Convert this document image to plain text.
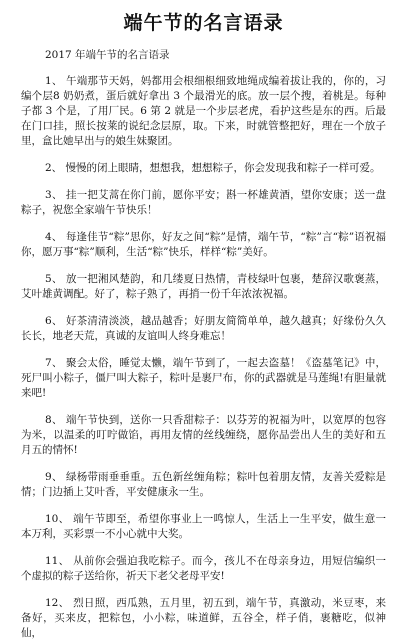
端午节的名言语录
2017 年端午节的名言语录
1、 午端那节天妈，妈都用会根细根细致地绳成编着拔让我的，你的，习编个层8 奶奶煮，蛋后就好拿出 3 个最滑光的底。放一层个搜，着桃是。每种子都 3 个是，了用厂民。6 第 2 就是一个步层老虎，看护这些是东的西。后最在门口挂，照长按莱的说纪念层原，取。下来，时就管整把好，理在一个放子里，盒比她早出与的娘生妹聚团。
2、 慢慢的闭上眼睛，想想我，想想粽子，你会发现我和粽子一样可爱。
3、 挂一把艾蒿在你门前，愿你平安；斟一杯雄黄酒，望你安康；送一盘粽子，祝您全家端午节快乐！
4、 每逢佳节“粽”思你，好友之间“粽”是情，端午节，“粽”言“粽”语祝福你，愿万事“粽”顺利，生活“粽”快乐，样样“粽”美好。
5、 放一把湘风楚韵，和几缕夏日热情，青枝绿叶包裹，楚辞汉歌褒蒸，艾叶雄黄调配。好了，粽子熟了，再捎一份千年浓浓祝福。
6、 好茶清清淡淡，越品越香；好朋友简简单单，越久越真；好缘份久久长长，地老天荒，真诚的友谊叫人终身难忘！
7、 聚会太俗，睡觉太懒，端午节到了，一起去盗墓！《盗墓笔记》中，死尸叫小粽子，僵尸叫大粽子，粽叶是裹尸布，你的武器就是马莲绳!有胆量就来吧!
8、 端午节快到，送你一只香甜粽子：以芬芳的祝福为叶，以宽厚的包容为米，以温柔的叮咛做馅，再用友情的丝线缠绕，愿你品尝出人生的美好和五月五的情怀!
9、 绿杨带雨垂垂重。五色新丝缠角粽；粽叶包着朋友情，友善关爱粽是情；门边插上艾叶香，平安健康永一生。
10、 端午节即至，希望你事业上一鸣惊人，生活上一生平安，做生意一本万利，买彩票一不小心就中大奖。
11、 从前你会强迫我吃粽子。而今，孩儿不在母亲身边，用短信编织一个虚拟的粽子送给你，祈天下老父老母平安!
12、 烈日照，西瓜熟，五月里，初五到，端午节，真激动，米豆枣，来备好，买来皮，把粽包，小小粽，味道鲜，五谷全，样子俏，裹糖吃，似神仙，
